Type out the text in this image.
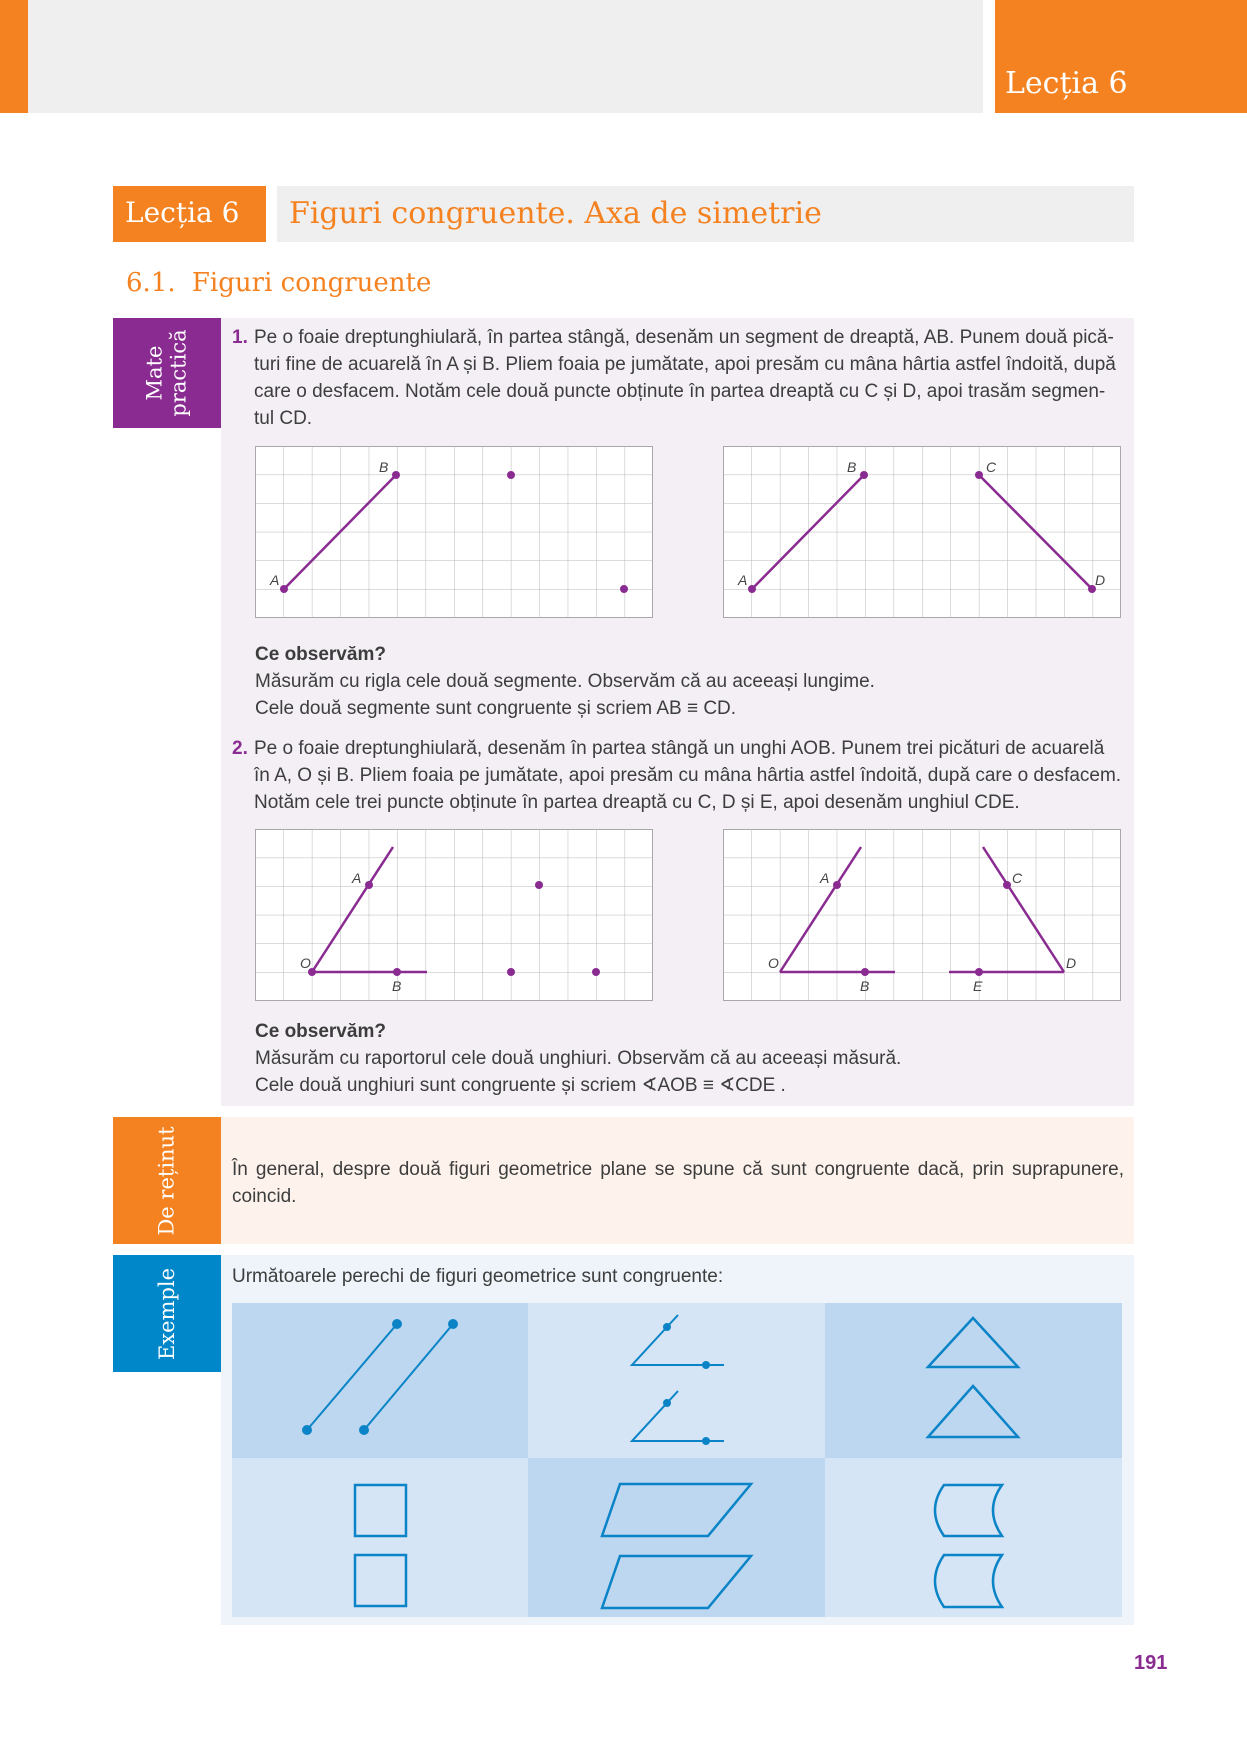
Lecția 6
Lecția 6 Figuri congruente. Axa de simetrie
6.1. Figuri congruente
Mate practică 1. Pe o foaie dreptunghiulară, în partea stângă, desenăm un segment de dreaptă, AB. Punem două pică-
turi fine de acuarelă în A și B. Pliem foaia pe jumătate, apoi presăm cu mâna hârtia astfel îndoită, după
care o desfacem. Notăm cele două puncte obținute în partea dreaptă cu C și D, apoi trasăm segmen-
tul CD.
A
B
A
B	C
D
Ce observăm?
Măsurăm cu rigla cele două segmente. Observăm că au aceeași lungime.
Cele două segmente sunt congruente și scriem AB ≡ CD.
2. Pe o foaie dreptunghiulară, desenăm în partea stângă un unghi AOB. Punem trei picături de acuarelă
în A, O și B. Pliem foaia pe jumătate, apoi presăm cu mâna hârtia astfel îndoită, după care o desfacem.
Notăm cele trei puncte obținute în partea dreaptă cu C, D și E, apoi desenăm unghiul CDE.
A
O
B
A
O
B
C
D
E
Ce observăm?
Măsurăm cu raportorul cele două unghiuri. Observăm că au aceeași măsură.
Cele două unghiuri sunt congruente și scriem ∢AOB ≡ ∢CDE .
De reținut	În general, despre două figuri geometrice plane se spune că sunt congruente dacă, prin suprapunere, coincid.
Exemple	Următoarele perechi de figuri geometrice sunt congruente:
191
